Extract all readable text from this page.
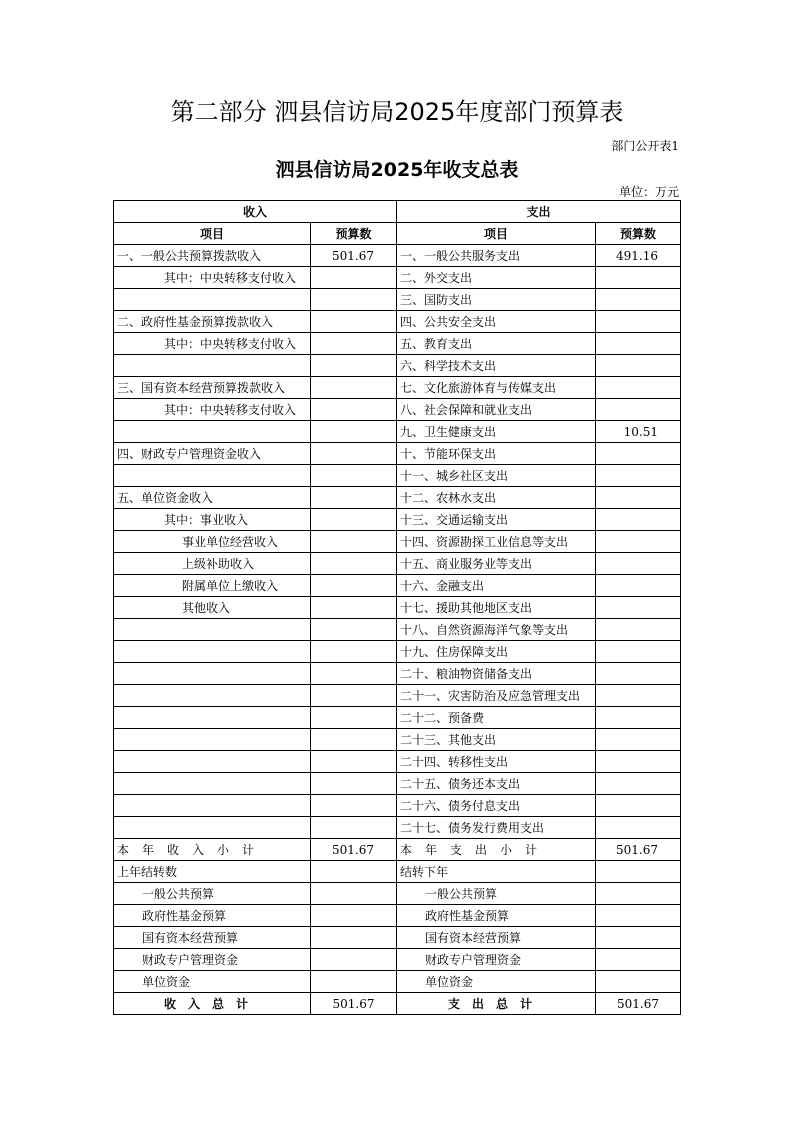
第二部分 泗县信访局2025年度部门预算表
部门公开表1
泗县信访局2025年收支总表
单位：万元
收入		支出	
项目	预算数	项目	预算数
一、一般公共预算拨款收入	501.67	一、一般公共服务支出	491.16
其中：中央转移支付收入		二、外交支出	
		三、国防支出	
二、政府性基金预算拨款收入		四、公共安全支出	
其中：中央转移支付收入		五、教育支出	
		六、科学技术支出	
三、国有资本经营预算拨款收入		七、文化旅游体育与传媒支出	
其中：中央转移支付收入		八、社会保障和就业支出	
		九、卫生健康支出	10.51
四、财政专户管理资金收入		十、节能环保支出	
		十一、城乡社区支出	
五、单位资金收入		十二、农林水支出	
其中：事业收入		十三、交通运输支出	
事业单位经营收入		十四、资源勘探工业信息等支出	
上级补助收入		十五、商业服务业等支出	
附属单位上缴收入		十六、金融支出	
其他收入		十七、援助其他地区支出	
		十八、自然资源海洋气象等支出	
		十九、住房保障支出	
		二十、粮油物资储备支出	
		二十一、灾害防治及应急管理支出	
		二十二、预备费	
		二十三、其他支出	
		二十四、转移性支出	
		二十五、债务还本支出	
		二十六、债务付息支出	
		二十七、债务发行费用支出	
本年收入小计	501.67	本年支出小计	501.67
上年结转数		结转下年	
一般公共预算		一般公共预算	
政府性基金预算		政府性基金预算	
国有资本经营预算		国有资本经营预算	
财政专户管理资金		财政专户管理资金	
单位资金		单位资金	
收入总计	501.67	支出总计	501.67
